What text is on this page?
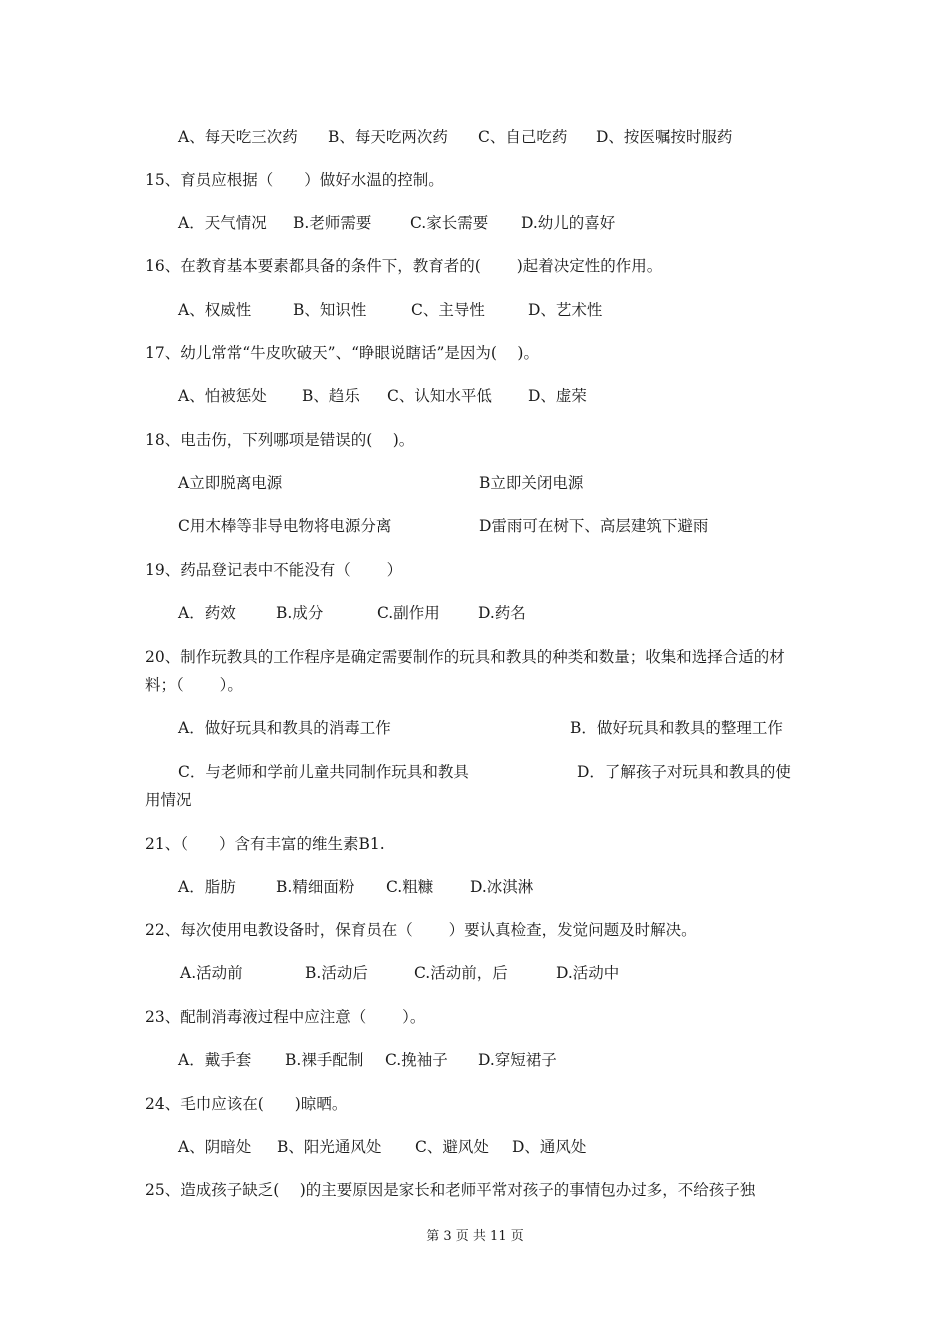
A、每天吃三次药 B、每天吃两次药 C、自己吃药 D、按医嘱按时服药
15、育员应根据（　　）做好水温的控制。
A．天气情况 B.老师需要 C.家长需要 D.幼儿的喜好
16、在教育基本要素都具备的条件下，教育者的(　　 )起着决定性的作用。
A、权威性	B、知识性	C、主导性	D、艺术性
17、幼儿常常“牛皮吹破天”、“睁眼说瞎话”是因为(　 )。
A、怕被惩处 B、趋乐 C、认知水平低 D、虚荣
18、电击伤，下列哪项是错误的(　 )。
A立即脱离电源	B立即关闭电源
C用木棒等非导电物将电源分离	D雷雨可在树下、高层建筑下避雨
19、药品登记表中不能没有（　　 ）
A．药效	B.成分	C.副作用 D.药名
20、制作玩教具的工作程序是确定需要制作的玩具和教具的种类和数量；收集和选择合适的材料；（　　 ）。
A．做好玩具和教具的消毒工作	B．做好玩具和教具的整理工作
C．与老师和学前儿童共同制作玩具和教具	D．了解孩子对玩具和教具的使
用情况
21、（　　）含有丰富的维生素B1.
A．脂肪	B.精细面粉 C.粗糠 D.冰淇淋
22、每次使用电教设备时，保育员在（　　 ）要认真检查，发觉问题及时解决。
A.活动前	B.活动后	C.活动前，后	D.活动中
23、配制消毒液过程中应注意（　　 ）。
A．戴手套 B.裸手配制 C.挽袖子 D.穿短裙子
24、毛巾应该在(　　)晾晒。
A、阴暗处 B、阳光通风处 C、避风处 D、通风处
25、造成孩子缺乏(　 )的主要原因是家长和老师平常对孩子的事情包办过多，不给孩子独
第 3 页 共 11 页
